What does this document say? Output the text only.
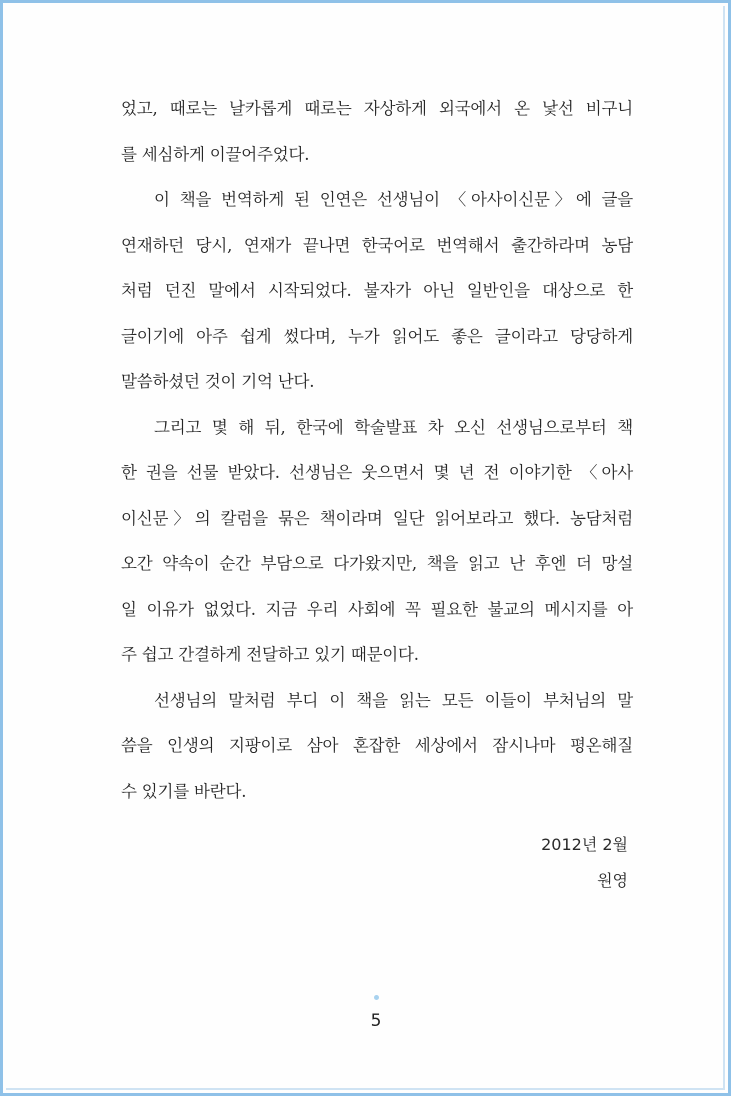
었고, 때로는 날카롭게 때로는 자상하게 외국에서 온 낯선 비구니
를 세심하게 이끌어주었다.
이 책을 번역하게 된 인연은 선생님이 〈아사이신문〉에 글을
연재하던 당시, 연재가 끝나면 한국어로 번역해서 출간하라며 농담
처럼 던진 말에서 시작되었다. 불자가 아닌 일반인을 대상으로 한
글이기에 아주 쉽게 썼다며, 누가 읽어도 좋은 글이라고 당당하게
말씀하셨던 것이 기억 난다.
그리고 몇 해 뒤, 한국에 학술발표 차 오신 선생님으로부터 책
한 권을 선물 받았다. 선생님은 웃으면서 몇 년 전 이야기한 〈아사
이신문〉의 칼럼을 묶은 책이라며 일단 읽어보라고 했다. 농담처럼
오간 약속이 순간 부담으로 다가왔지만, 책을 읽고 난 후엔 더 망설
일 이유가 없었다. 지금 우리 사회에 꼭 필요한 불교의 메시지를 아
주 쉽고 간결하게 전달하고 있기 때문이다.
선생님의 말처럼 부디 이 책을 읽는 모든 이들이 부처님의 말
씀을 인생의 지팡이로 삼아 혼잡한 세상에서 잠시나마 평온해질
수 있기를 바란다.
2012년 2월
원영
5
